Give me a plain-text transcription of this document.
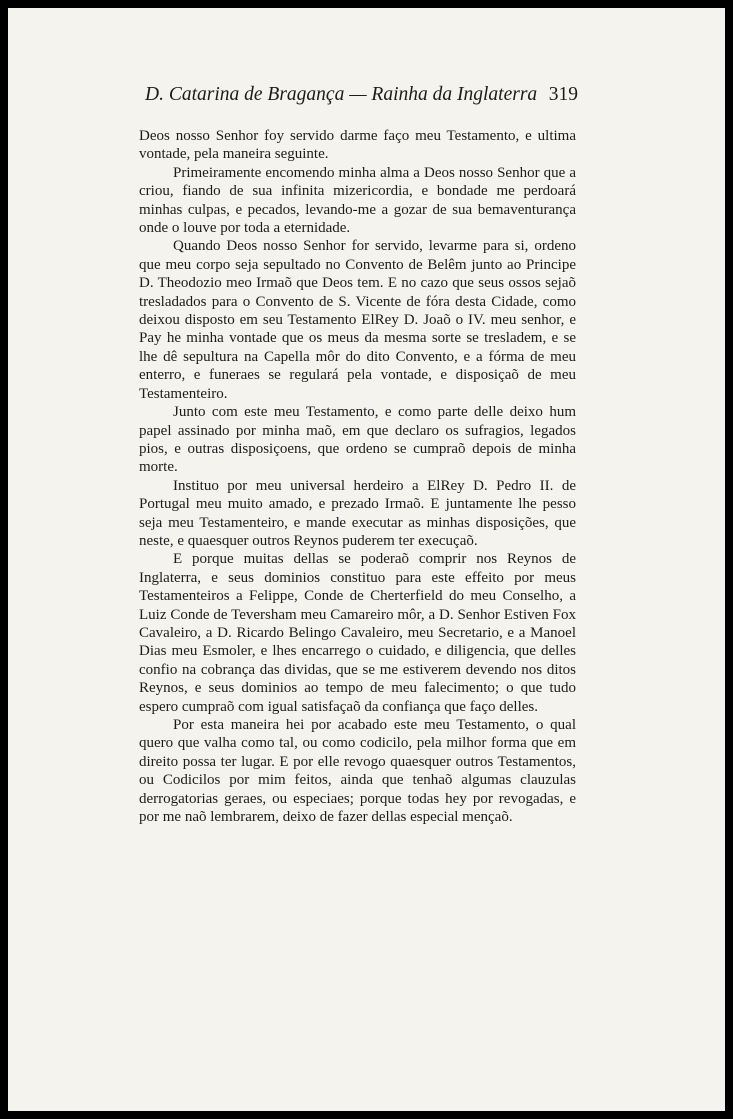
D. Catarina de Bragança — Rainha da Inglaterra 319

Deos nosso Senhor foy servido darme faço meu Testamento, e ultima vontade, pela maneira seguinte.

Primeiramente encomendo minha alma a Deos nosso Senhor que a criou, fiando de sua infinita mizericordia, e bondade me perdoará minhas culpas, e pecados, levando-me a gozar de sua bemaventurança onde o louve por toda a eternidade.

Quando Deos nosso Senhor for servido, levarme para si, ordeno que meu corpo seja sepultado no Convento de Belêm junto ao Principe D. Theodozio meo Irmaõ que Deos tem. E no cazo que seus ossos sejaõ tresladados para o Convento de S. Vicente de fóra desta Cidade, como deixou disposto em seu Testamento ElRey D. Joaõ o IV. meu senhor, e Pay he minha vontade que os meus da mesma sorte se tresladem, e se lhe dê sepultura na Capella môr do dito Convento, e a fórma de meu enterro, e funeraes se regulará pela vontade, e disposiçaõ de meu Testamenteiro.

Junto com este meu Testamento, e como parte delle deixo hum papel assinado por minha maõ, em que declaro os sufragios, legados pios, e outras disposiçoens, que ordeno se cumpraõ depois de minha morte.

Instituo por meu universal herdeiro a ElRey D. Pedro II. de Portugal meu muito amado, e prezado Irmaõ. E juntamente lhe pesso seja meu Testamenteiro, e mande executar as minhas disposições, que neste, e quaesquer outros Reynos puderem ter execuçaõ.

E porque muitas dellas se poderaõ comprir nos Reynos de Inglaterra, e seus dominios constituo para este effeito por meus Testamenteiros a Felippe, Conde de Cherterfield do meu Conselho, a Luiz Conde de Teversham meu Camareiro môr, a D. Senhor Estiven Fox Cavaleiro, a D. Ricardo Belingo Cavaleiro, meu Secretario, e a Manoel Dias meu Esmoler, e lhes encarrego o cuidado, e diligencia, que delles confio na cobrança das dividas, que se me estiverem devendo nos ditos Reynos, e seus dominios ao tempo de meu falecimento; o que tudo espero cumpraõ com igual satisfaçaõ da confiança que faço delles.

Por esta maneira hei por acabado este meu Testamento, o qual quero que valha como tal, ou como codicilo, pela milhor forma que em direito possa ter lugar. E por elle revogo quaesquer outros Testamentos, ou Codicilos por mim feitos, ainda que tenhaõ algumas clauzulas derrogatorias geraes, ou especiaes; porque todas hey por revogadas, e por me naõ lembrarem, deixo de fazer dellas especial mençaõ.
